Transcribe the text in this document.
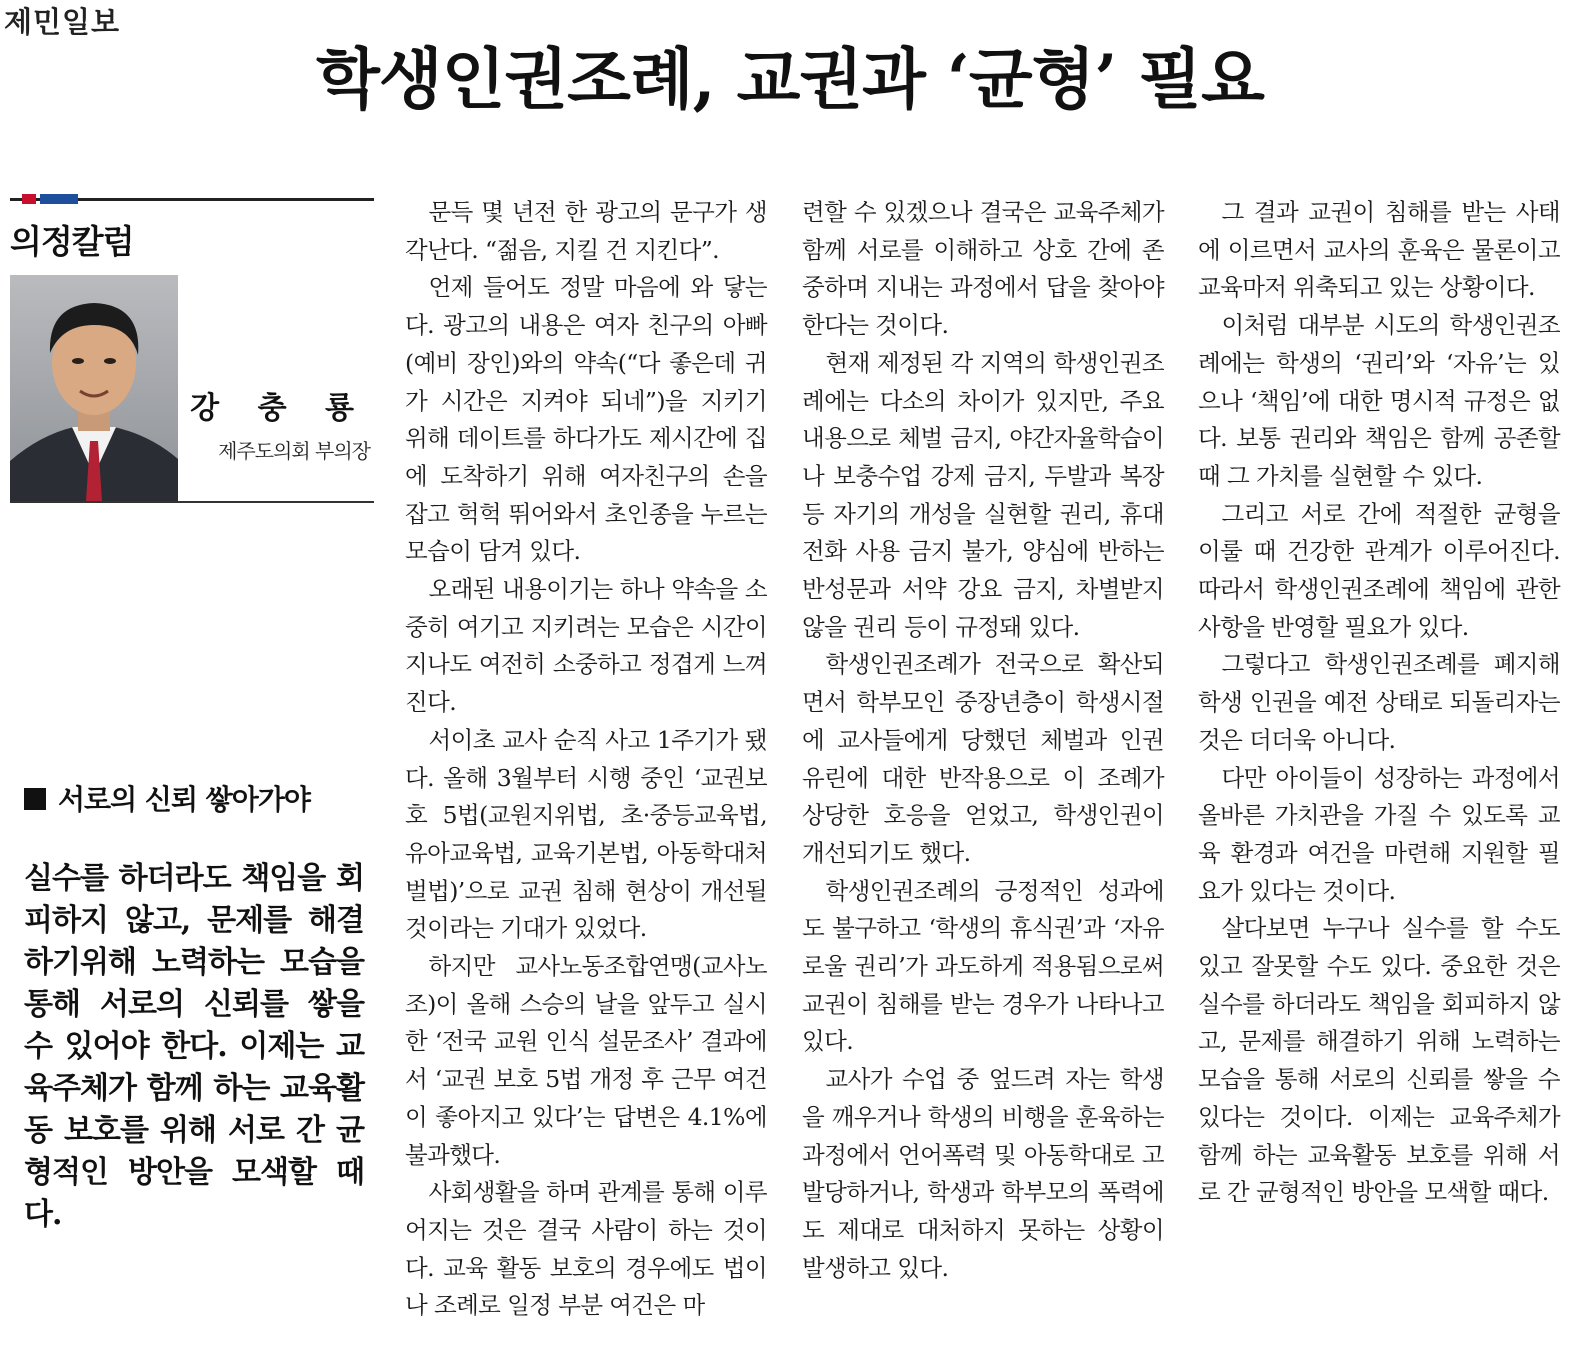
제민일보
학생인권조례, 교권과 ‘균형’ 필요
의정칼럼
강 충 룡
제주도의회 부의장
서로의 신뢰 쌓아가야
실수를 하더라도 책임을 회피하지 않고, 문제를 해결하기위해 노력하는 모습을 통해 서로의 신뢰를 쌓을 수 있어야 한다. 이제는 교육주체가 함께 하는 교육활동 보호를 위해 서로 간 균형적인 방안을 모색할 때다.

문득 몇 년전 한 광고의 문구가 생각난다. “젊음, 지킬 건 지킨다”.

언제 들어도 정말 마음에 와 닿는다. 광고의 내용은 여자 친구의 아빠(예비 장인)와의 약속(“다 좋은데 귀가 시간은 지켜야 되네”)을 지키기 위해 데이트를 하다가도 제시간에 집에 도착하기 위해 여자친구의 손을 잡고 헉헉 뛰어와서 초인종을 누르는 모습이 담겨 있다.

오래된 내용이기는 하나 약속을 소중히 여기고 지키려는 모습은 시간이 지나도 여전히 소중하고 정겹게 느껴진다.

서이초 교사 순직 사고 1주기가 됐다. 올해 3월부터 시행 중인 ‘교권보호 5법(교원지위법, 초·중등교육법, 유아교육법, 교육기본법, 아동학대처벌법)’으로 교권 침해 현상이 개선될 것이라는 기대가 있었다.

하지만 교사노동조합연맹(교사노조)이 올해 스승의 날을 앞두고 실시한 ‘전국 교원 인식 설문조사’ 결과에서 ‘교권 보호 5법 개정 후 근무 여건이 좋아지고 있다’는 답변은 4.1%에 불과했다.

사회생활을 하며 관계를 통해 이루어지는 것은 결국 사람이 하는 것이다. 교육 활동 보호의 경우에도 법이나 조례로 일정 부분 여건은 마

련할 수 있겠으나 결국은 교육주체가 함께 서로를 이해하고 상호 간에 존중하며 지내는 과정에서 답을 찾아야 한다는 것이다.

현재 제정된 각 지역의 학생인권조례에는 다소의 차이가 있지만, 주요 내용으로 체벌 금지, 야간자율학습이나 보충수업 강제 금지, 두발과 복장 등 자기의 개성을 실현할 권리, 휴대전화 사용 금지 불가, 양심에 반하는 반성문과 서약 강요 금지, 차별받지 않을 권리 등이 규정돼 있다.

학생인권조례가 전국으로 확산되면서 학부모인 중장년층이 학생시절에 교사들에게 당했던 체벌과 인권 유린에 대한 반작용으로 이 조례가 상당한 호응을 얻었고, 학생인권이 개선되기도 했다.

학생인권조례의 긍정적인 성과에도 불구하고 ‘학생의 휴식권’과 ‘자유로울 권리’가 과도하게 적용됨으로써 교권이 침해를 받는 경우가 나타나고 있다.

교사가 수업 중 엎드려 자는 학생을 깨우거나 학생의 비행을 훈육하는 과정에서 언어폭력 및 아동학대로 고발당하거나, 학생과 학부모의 폭력에도 제대로 대처하지 못하는 상황이 발생하고 있다.

그 결과 교권이 침해를 받는 사태에 이르면서 교사의 훈육은 물론이고 교육마저 위축되고 있는 상황이다.

이처럼 대부분 시도의 학생인권조례에는 학생의 ‘권리’와 ‘자유’는 있으나 ‘책임’에 대한 명시적 규정은 없다. 보통 권리와 책임은 함께 공존할 때 그 가치를 실현할 수 있다.

그리고 서로 간에 적절한 균형을 이룰 때 건강한 관계가 이루어진다. 따라서 학생인권조례에 책임에 관한 사항을 반영할 필요가 있다.

그렇다고 학생인권조례를 폐지해 학생 인권을 예전 상태로 되돌리자는 것은 더더욱 아니다.

다만 아이들이 성장하는 과정에서 올바른 가치관을 가질 수 있도록 교육 환경과 여건을 마련해 지원할 필요가 있다는 것이다.

살다보면 누구나 실수를 할 수도 있고 잘못할 수도 있다. 중요한 것은 실수를 하더라도 책임을 회피하지 않고, 문제를 해결하기 위해 노력하는 모습을 통해 서로의 신뢰를 쌓을 수 있다는 것이다. 이제는 교육주체가 함께 하는 교육활동 보호를 위해 서로 간 균형적인 방안을 모색할 때다.
